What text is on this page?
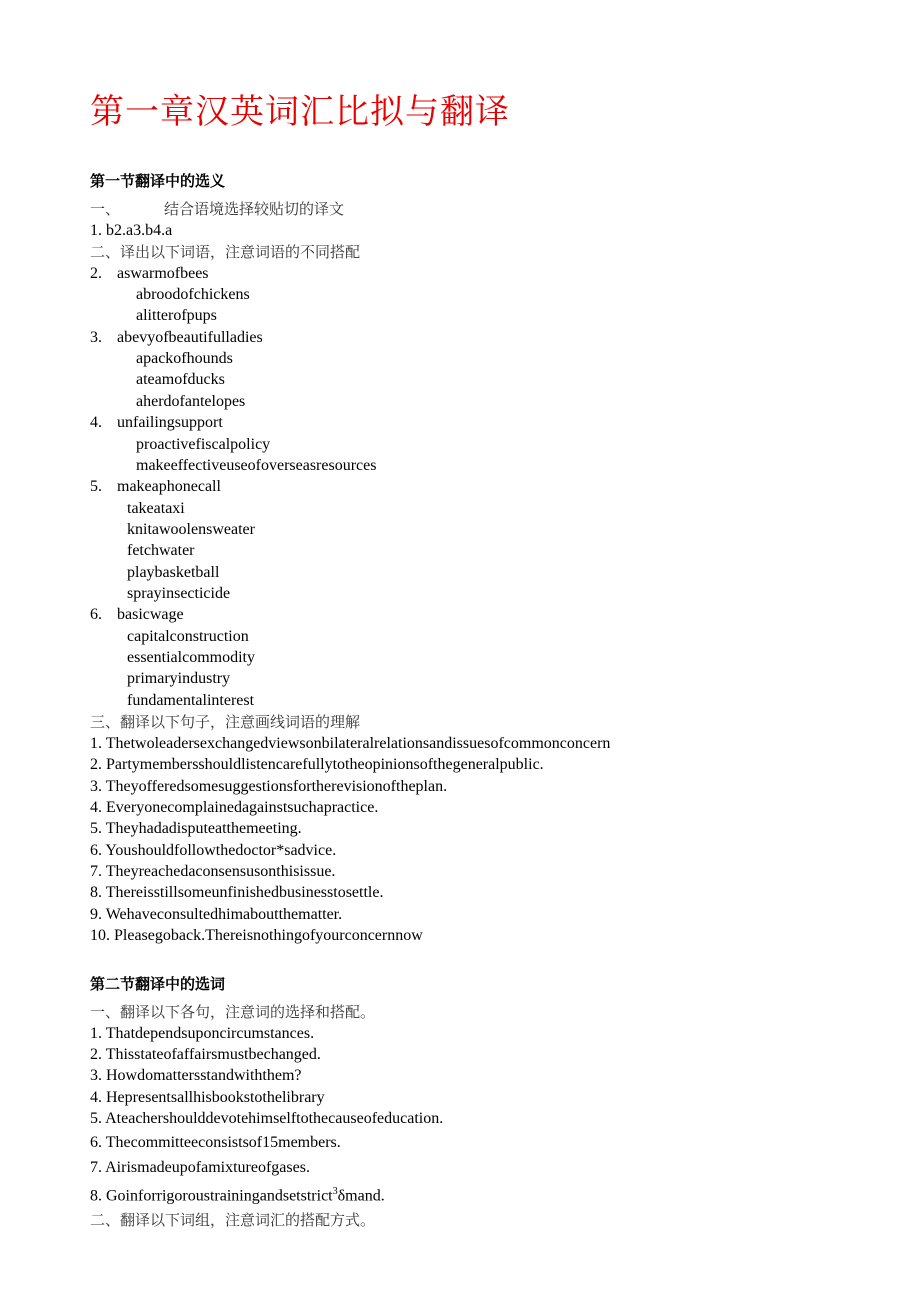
第一章汉英词汇比拟与翻译
第一节翻译中的选义
一、	结合语境选择较贴切的译文
1. b2.a3.b4.a
二、译出以下词语，注意词语的不同搭配
2. aswarmofbees
abroodofchickens
alitterofpups
3. abevyofbeautifulladies
apackofhounds
ateamofducks
aherdofantelopes
4. unfailingsupport
proactivefiscalpolicy
makeeffectiveuseofoverseasresources
5. makeaphonecall
takeataxi
knitawoolensweater
fetchwater
playbasketball
sprayinsecticide
6. basicwage
capitalconstruction
essentialcommodity
primaryindustry
fundamentalinterest
三、翻译以下句子，注意画线词语的理解
1. Thetwoleadersexchangedviewsonbilateralrelationsandissuesofcommonconcern
2. Partymembersshouldlistencarefullytotheopinionsofthegeneralpublic.
3. Theyofferedsomesuggestionsfortherevisionoftheplan.
4. Everyonecomplainedagainstsuchapractice.
5. Theyhadadisputeatthemeeting.
6. Youshouldfollowthedoctor*sadvice.
7. Theyreachedaconsensusonthisissue.
8. Thereisstillsomeunfinishedbusinesstosettle.
9. Wehaveconsultedhimaboutthematter.
10. Pleasegoback.Thereisnothingofyourconcernnow
第二节翻译中的选词
一、翻译以下各句，注意词的选择和搭配。
1. Thatdependsuponcircumstances.
2. Thisstateofaffairsmustbechanged.
3. Howdomattersstandwiththem?
4. Hepresentsallhisbookstothelibrary
5. Ateachershoulddevotehimselftothecauseofeducation.
6. Thecommitteeconsistsof15members.
7. Airismadeupofamixtureofgases.
8. Goinforrigoroustrainingandsetstrict$^3$δmand.
二、翻译以下词组，注意词汇的搭配方式。
